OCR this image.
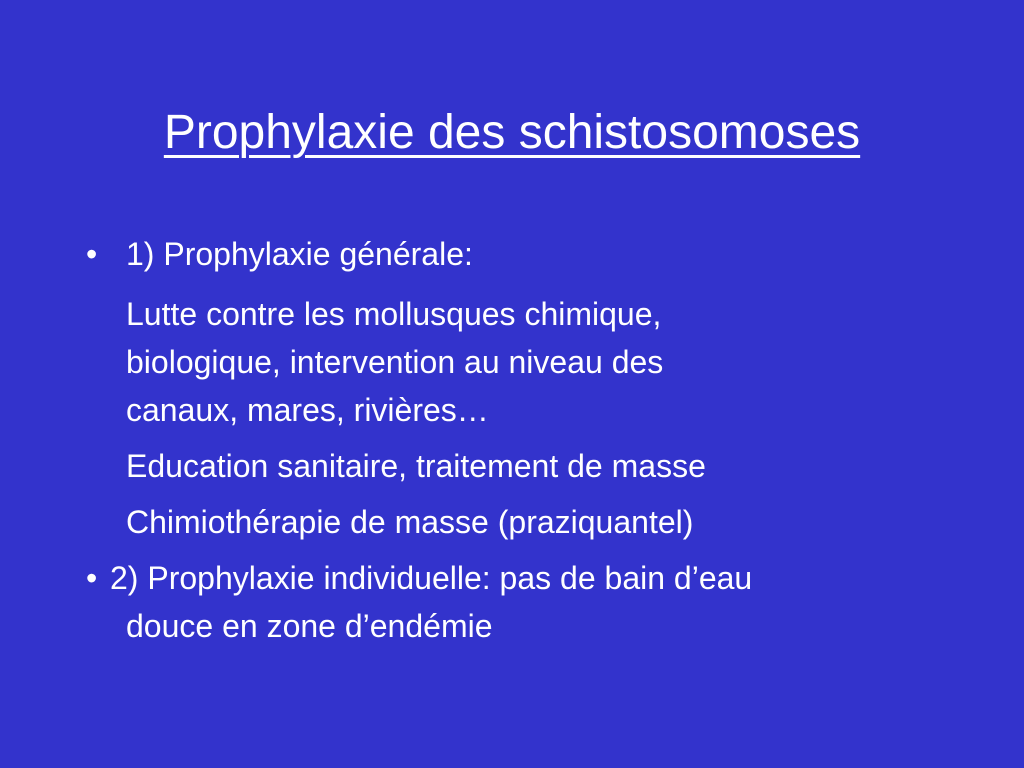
Prophylaxie des schistosomoses
• 1) Prophylaxie générale:

Lutte contre les mollusques chimique,

biologique, intervention au niveau des

canaux, mares, rivières…

Education sanitaire, traitement de masse

Chimiothérapie de masse (praziquantel)

• 2) Prophylaxie individuelle: pas de bain d’eau

douce en zone d’endémie
